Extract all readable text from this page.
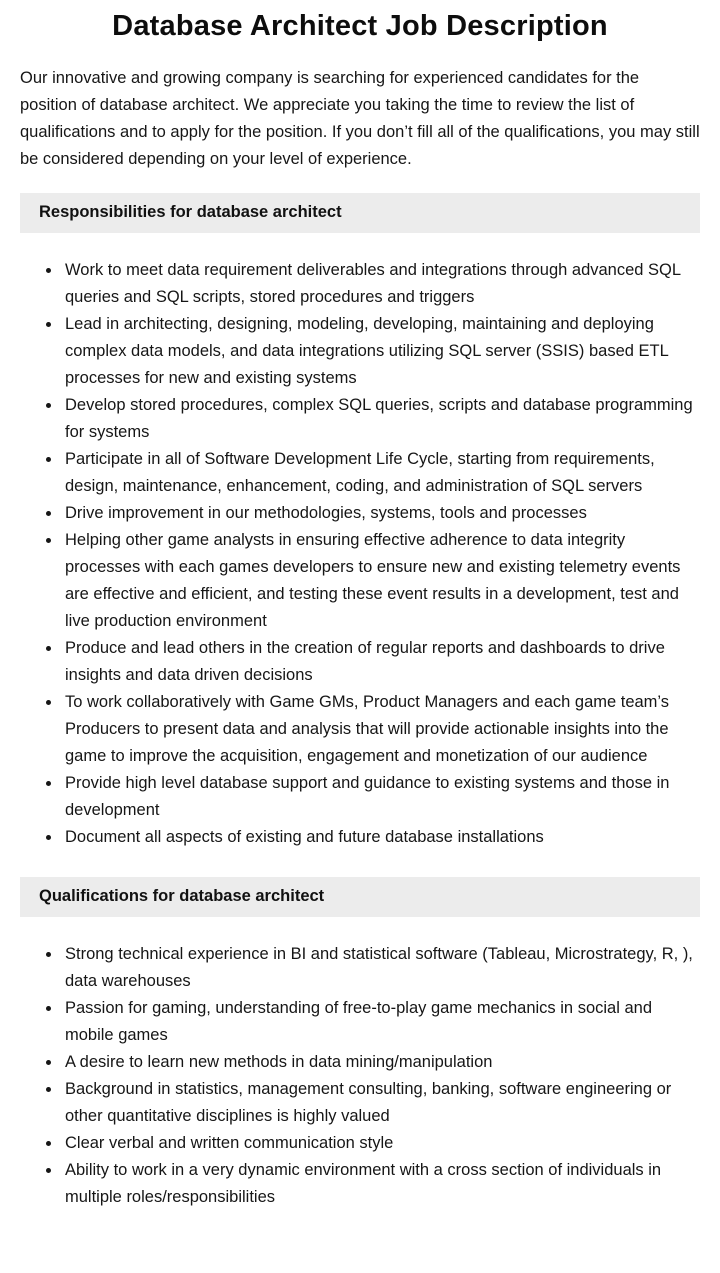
Database Architect Job Description

Our innovative and growing company is searching for experienced candidates for the position of database architect. We appreciate you taking the time to review the list of qualifications and to apply for the position. If you don’t fill all of the qualifications, you may still be considered depending on your level of experience.

Responsibilities for database architect
• Work to meet data requirement deliverables and integrations through advanced SQL queries and SQL scripts, stored procedures and triggers
• Lead in architecting, designing, modeling, developing, maintaining and deploying complex data models, and data integrations utilizing SQL server (SSIS) based ETL processes for new and existing systems
• Develop stored procedures, complex SQL queries, scripts and database programming for systems
• Participate in all of Software Development Life Cycle, starting from requirements, design, maintenance, enhancement, coding, and administration of SQL servers
• Drive improvement in our methodologies, systems, tools and processes
• Helping other game analysts in ensuring effective adherence to data integrity processes with each games developers to ensure new and existing telemetry events are effective and efficient, and testing these event results in a development, test and live production environment
• Produce and lead others in the creation of regular reports and dashboards to drive insights and data driven decisions
• To work collaboratively with Game GMs, Product Managers and each game team’s Producers to present data and analysis that will provide actionable insights into the game to improve the acquisition, engagement and monetization of our audience
• Provide high level database support and guidance to existing systems and those in development
• Document all aspects of existing and future database installations
Qualifications for database architect
• Strong technical experience in BI and statistical software (Tableau, Microstrategy, R, ), data warehouses
• Passion for gaming, understanding of free-to-play game mechanics in social and mobile games
• A desire to learn new methods in data mining/manipulation
• Background in statistics, management consulting, banking, software engineering or other quantitative disciplines is highly valued
• Clear verbal and written communication style
• Ability to work in a very dynamic environment with a cross section of individuals in multiple roles/responsibilities
